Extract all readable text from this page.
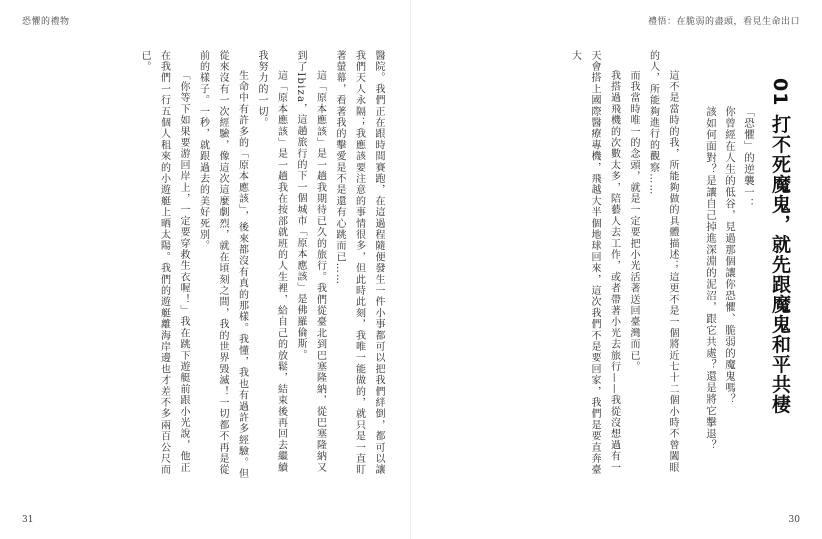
恐懼的禮物

醫院。我們正在跟時間賽跑，在這過程隨便發生一件小事都可以把我們絆倒，都可以讓我們天人永隔；我應該要注意的事情很多，但此時此刻，我唯一能做的，就只是一直盯著螢幕，看著我的擊愛是不是還有心跳而已……

這「原本應該」是一趟我期待已久的旅行。我們從臺北到巴塞隆納，從巴塞隆納又到了Ibiza，這趟旅行的下一個城市「原本應該」是佛羅倫斯。

這「原本應該」是一趟我在按部就班的人生裡，給自己的放鬆，結束後再回去繼續我努力的一切。

生命中有許多的「原本應該」，後來都沒有真的那樣。我懂，我也有過許多經驗。但從來沒有一次經驗，像這次這麼劇烈，就在頃刻之間，我的世界毀滅！一切都不再是從前的樣子。一秒，就跟過去的美好死別。

「你等下如果要游回岸上，一定要穿救生衣喔！」我在跳下遊艇前跟小光說，他正在我們一行五個人租來的小遊艇上晒太陽。我們的遊艇離海岸邊也才差不多兩百公尺而已。

31
禮悟：在脆弱的盡頭，看見生命出口
01 打不死魔鬼，就先跟魔鬼和平共棲

「恐懼」的逆襲一：

你曾經在人生的低谷，見過那個讓你恐懼、脆弱的魔鬼嗎？

該如何面對？是讓自己掉進深淵的泥沼，跟它共處？還是將它擊退？

這不是當時的我，所能夠做的具體描述；這更不是一個將近七十二個小時不曾闔眼的人，所能夠進行的觀察……

而我當時唯一的念頭，就是一定要把小光活著送回臺灣而已。

我搭過飛機的次數太多，陪藝人去工作，或者帶著小光去旅行——我從沒想過有一天會搭上國際醫療專機，飛越大半個地球回來，這次我們不是要回家，我們是要直奔臺大

30
